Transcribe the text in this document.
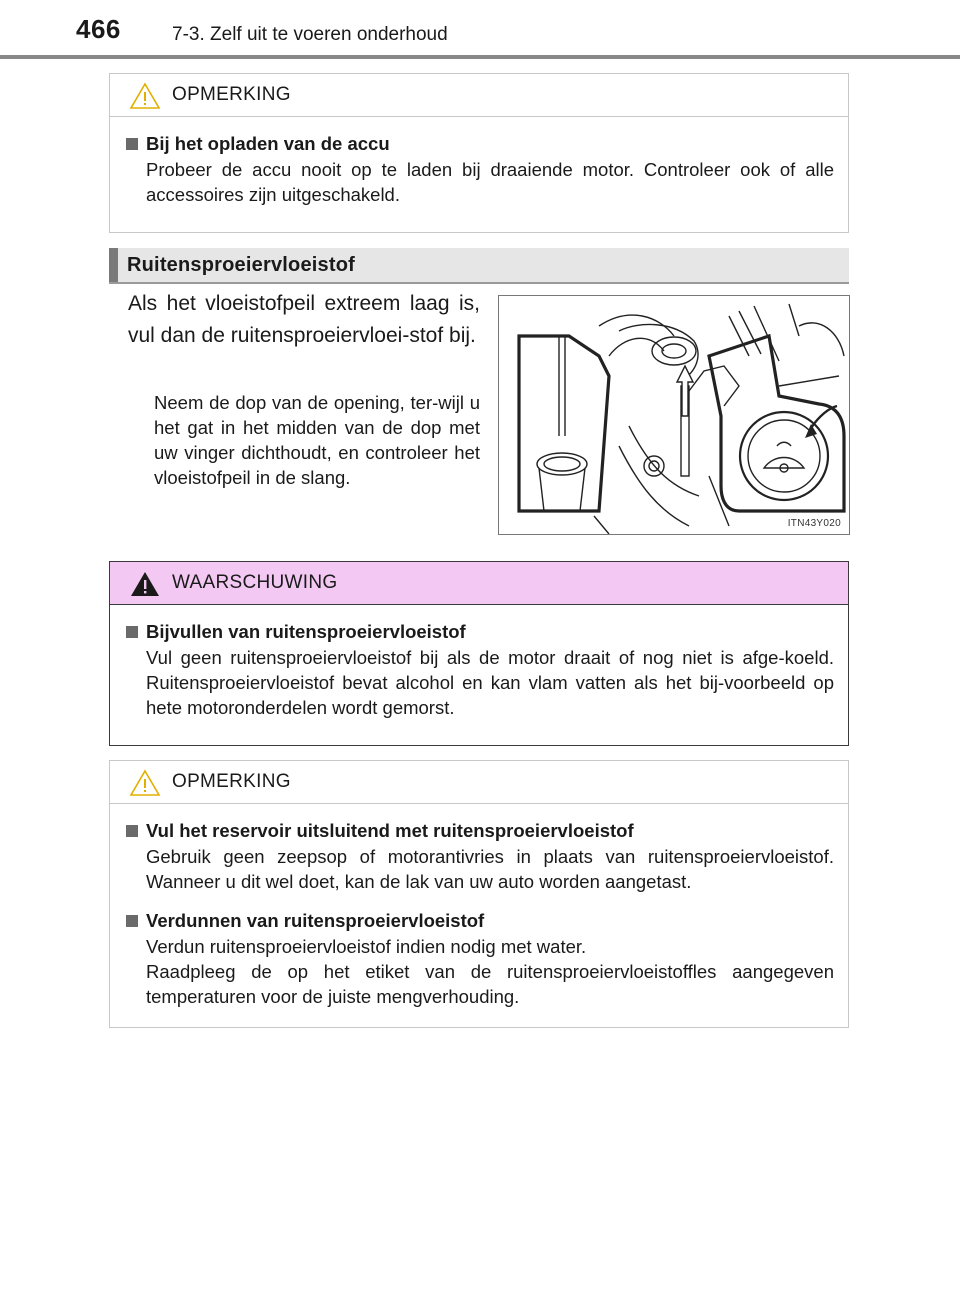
466	7-3. Zelf uit te voeren onderhoud
OPMERKING
Bij het opladen van de accu
Probeer de accu nooit op te laden bij draaiende motor. Controleer ook of alle accessoires zijn uitgeschakeld.
Ruitensproeiervloeistof
Als het vloeistofpeil extreem laag is, vul dan de ruitensproeiervloei-stof bij.
Neem de dop van de opening, ter-wijl u het gat in het midden van de dop met uw vinger dichthoudt, en controleer het vloeistofpeil in de slang.
ITN43Y020
WAARSCHUWING
Bijvullen van ruitensproeiervloeistof
Vul geen ruitensproeiervloeistof bij als de motor draait of nog niet is afge-koeld. Ruitensproeiervloeistof bevat alcohol en kan vlam vatten als het bij-voorbeeld op hete motoronderdelen wordt gemorst.
OPMERKING
Vul het reservoir uitsluitend met ruitensproeiervloeistof
Gebruik geen zeepsop of motorantivries in plaats van ruitensproeiervloeistof. Wanneer u dit wel doet, kan de lak van uw auto worden aangetast.
Verdunnen van ruitensproeiervloeistof
Verdun ruitensproeiervloeistof indien nodig met water.
Raadpleeg de op het etiket van de ruitensproeiervloeistoffles aangegeven temperaturen voor de juiste mengverhouding.
